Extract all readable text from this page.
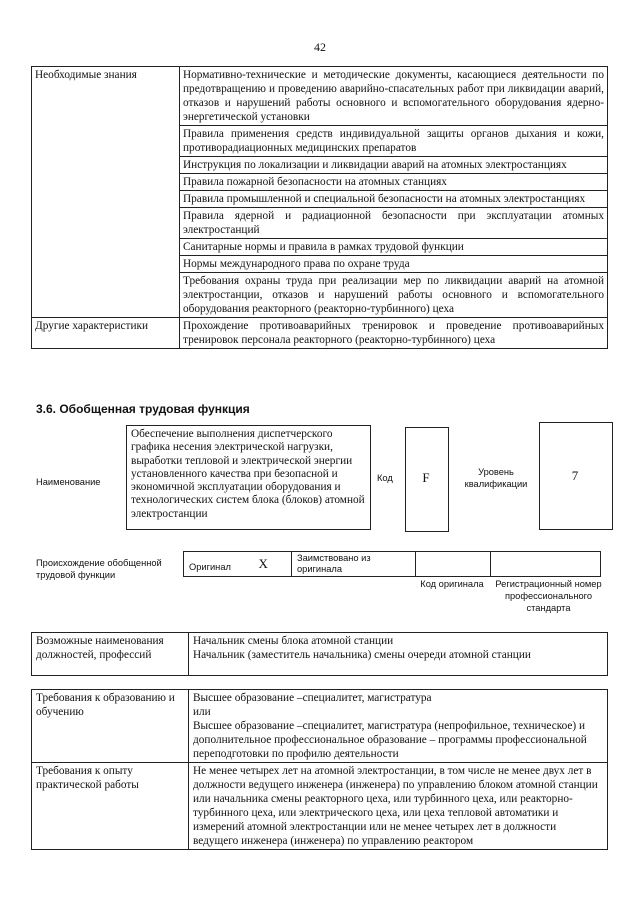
42
Необходимые знания	Нормативно-технические и методические документы, касающиеся деятельности по предотвращению и проведению аварийно-спасательных работ при ликвидации аварий, отказов и нарушений работы основного и вспомогательного оборудования ядерно-энергетической установки
	Правила применения средств индивидуальной защиты органов дыхания и кожи, противорадиационных медицинских препаратов
	Инструкция по локализации и ликвидации аварий на атомных электростанциях
	Правила пожарной безопасности на атомных станциях
	Правила промышленной и специальной безопасности на атомных электростанциях
	Правила ядерной и радиационной безопасности при эксплуатации атомных электростанций
	Санитарные нормы и правила в рамках трудовой функции
	Нормы международного права по охране труда
	Требования охраны труда при реализации мер по ликвидации аварий на атомной электростанции, отказов и нарушений работы основного и вспомогательного оборудования реакторного (реакторно-турбинного) цеха
Другие характеристики	Прохождение противоаварийных тренировок и проведение противоаварийных тренировок персонала реакторного (реакторно-турбинного) цеха
3.6. Обобщенная трудовая функция
Наименование
Обеспечение выполнения диспетчерского графика несения электрической нагрузки, выработки тепловой и электрической энергии установленного качества при безопасной и экономичной эксплуатации оборудования и технологических систем блока (блоков) атомной электростанции
Код	F	Уровень квалификации
7
Происхождение обобщенной трудовой функции
Оригинал	X	Заимствовано из оригинала		
Код оригинала	Регистрационный номер профессионального стандарта
Возможные наименования должностей, профессий	
Начальник смены блока атомной станции
Начальник (заместитель начальника) смены очереди атомной станции
Требования к образованию и обучению	Высшее образование –специалитет, магистратура
или
Высшее образование –специалитет, магистратура (непрофильное, техническое) и дополнительное профессиональное образование – программы профессиональной переподготовки по профилю деятельности

Требования к опыту практической работы	Не менее четырех лет на атомной электростанции, в том числе не менее двух лет в должности ведущего инженера (инженера) по управлению блоком атомной станции или начальника смены реакторного цеха, или турбинного цеха, или реакторно-турбинного цеха, или электрического цеха, или цеха тепловой автоматики и измерений атомной электростанции или не менее четырех лет в должности ведущего инженера (инженера) по управлению реактором
